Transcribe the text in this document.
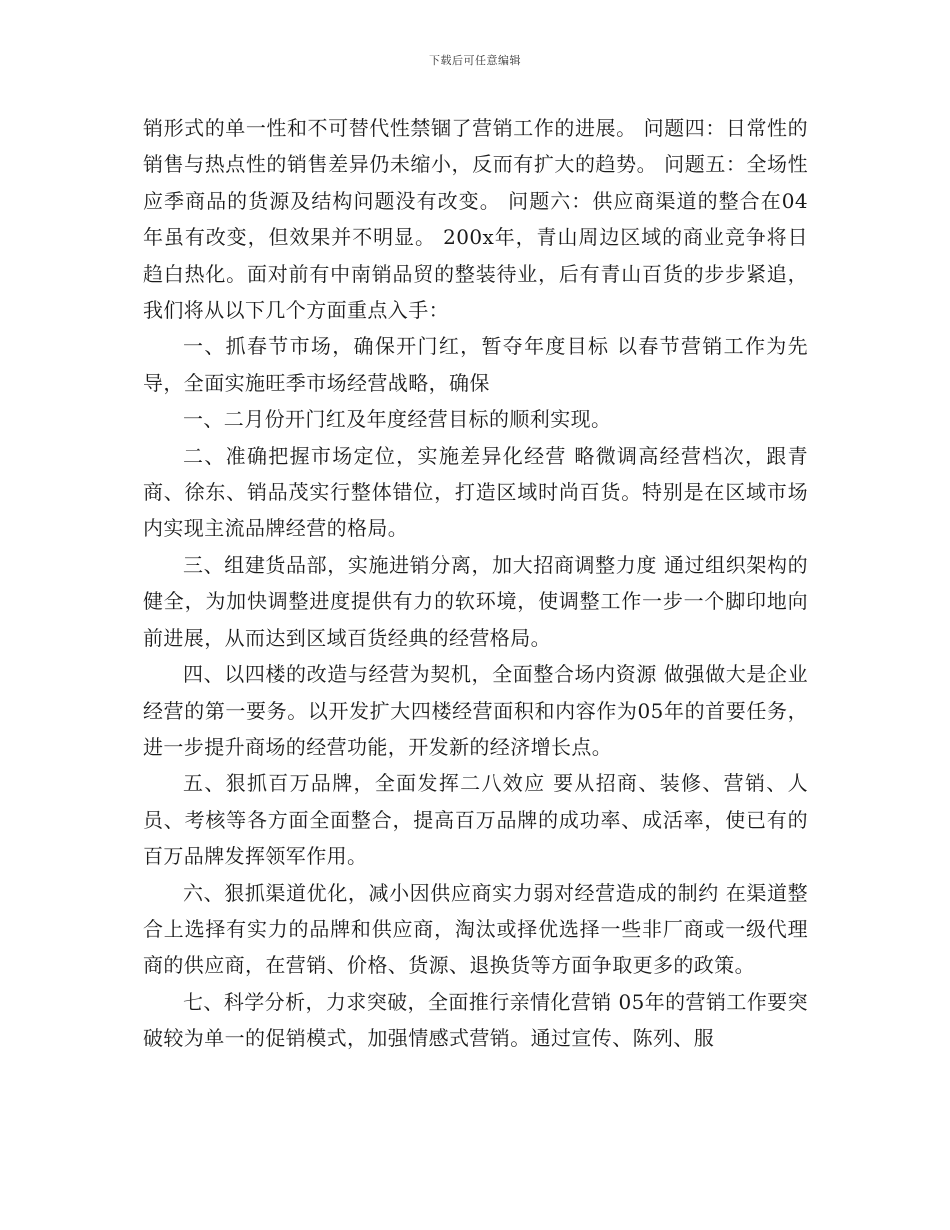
下载后可任意编辑

销形式的单一性和不可替代性禁锢了营销工作的进展。 问题四：日常性的销售与热点性的销售差异仍未缩小，反而有扩大的趋势。 问题五：全场性应季商品的货源及结构问题没有改变。 问题六：供应商渠道的整合在04年虽有改变，但效果并不明显。 200x年，青山周边区域的商业竞争将日趋白热化。面对前有中南销品贸的整装待业，后有青山百货的步步紧追，我们将从以下几个方面重点入手：

一、抓春节市场，确保开门红，暂夺年度目标 以春节营销工作为先导，全面实施旺季市场经营战略，确保

一、二月份开门红及年度经营目标的顺利实现。

二、准确把握市场定位，实施差异化经营 略微调高经营档次，跟青商、徐东、销品茂实行整体错位，打造区域时尚百货。特别是在区域市场内实现主流品牌经营的格局。

三、组建货品部，实施进销分离，加大招商调整力度 通过组织架构的健全，为加快调整进度提供有力的软环境，使调整工作一步一个脚印地向前进展，从而达到区域百货经典的经营格局。

四、以四楼的改造与经营为契机，全面整合场内资源 做强做大是企业经营的第一要务。以开发扩大四楼经营面积和内容作为05年的首要任务，进一步提升商场的经营功能，开发新的经济增长点。

五、狠抓百万品牌，全面发挥二八效应 要从招商、装修、营销、人员、考核等各方面全面整合，提高百万品牌的成功率、成活率，使已有的百万品牌发挥领军作用。

六、狠抓渠道优化，减小因供应商实力弱对经营造成的制约 在渠道整合上选择有实力的品牌和供应商，淘汰或择优选择一些非厂商或一级代理商的供应商，在营销、价格、货源、退换货等方面争取更多的政策。

七、科学分析，力求突破，全面推行亲情化营销 05年的营销工作要突破较为单一的促销模式，加强情感式营销。通过宣传、陈列、服
